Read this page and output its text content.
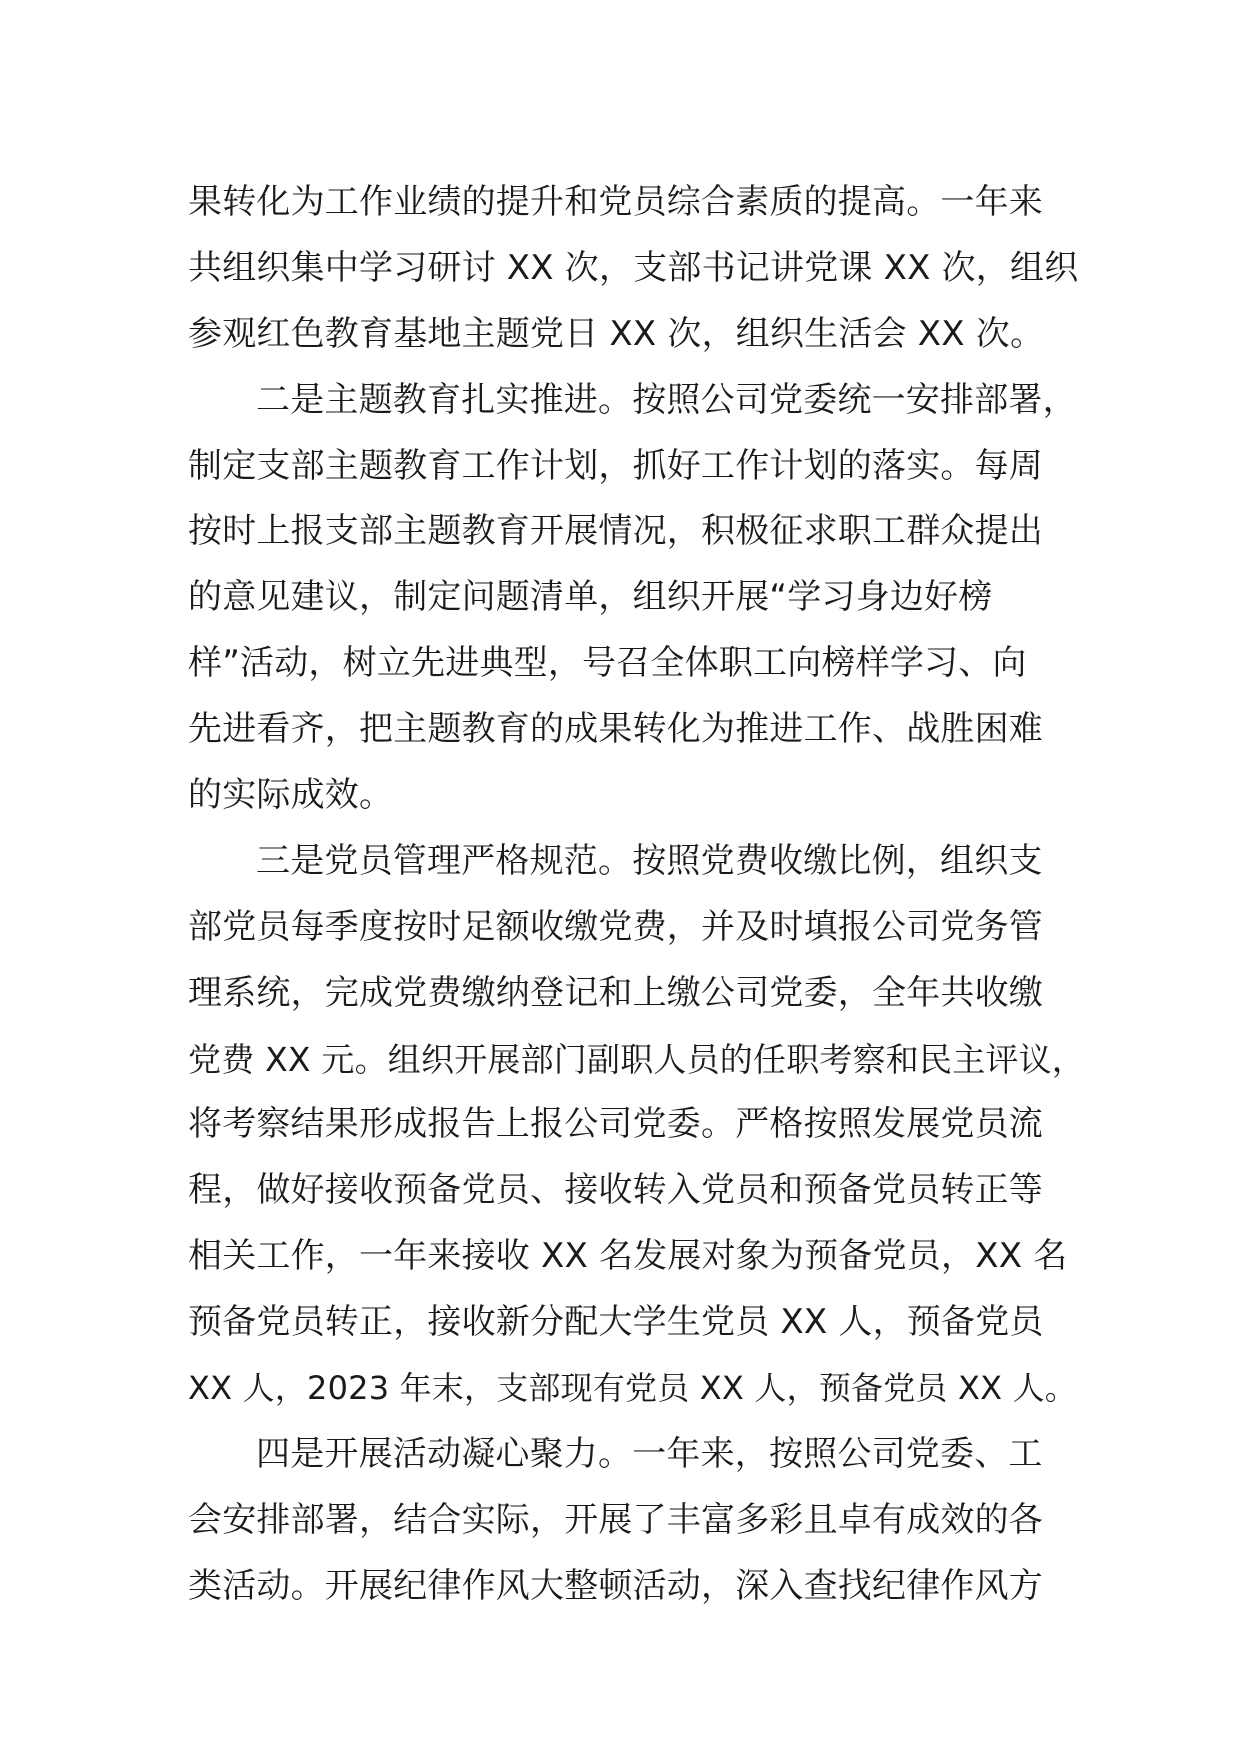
果转化为工作业绩的提升和党员综合素质的提高。一年来
共组织集中学习研讨 XX 次，支部书记讲党课 XX 次，组织
参观红色教育基地主题党日 XX 次，组织生活会 XX 次。
二是主题教育扎实推进。按照公司党委统一安排部署，
制定支部主题教育工作计划，抓好工作计划的落实。每周
按时上报支部主题教育开展情况，积极征求职工群众提出
的意见建议，制定问题清单，组织开展“学习身边好榜
样”活动，树立先进典型，号召全体职工向榜样学习、向
先进看齐，把主题教育的成果转化为推进工作、战胜困难
的实际成效。
三是党员管理严格规范。按照党费收缴比例，组织支
部党员每季度按时足额收缴党费，并及时填报公司党务管
理系统，完成党费缴纳登记和上缴公司党委，全年共收缴
党费 XX 元。组织开展部门副职人员的任职考察和民主评议，
将考察结果形成报告上报公司党委。严格按照发展党员流
程，做好接收预备党员、接收转入党员和预备党员转正等
相关工作，一年来接收 XX 名发展对象为预备党员，XX 名
预备党员转正，接收新分配大学生党员 XX 人，预备党员
XX 人，2023 年末，支部现有党员 XX 人，预备党员 XX 人。
四是开展活动凝心聚力。一年来，按照公司党委、工
会安排部署，结合实际，开展了丰富多彩且卓有成效的各
类活动。开展纪律作风大整顿活动，深入查找纪律作风方
